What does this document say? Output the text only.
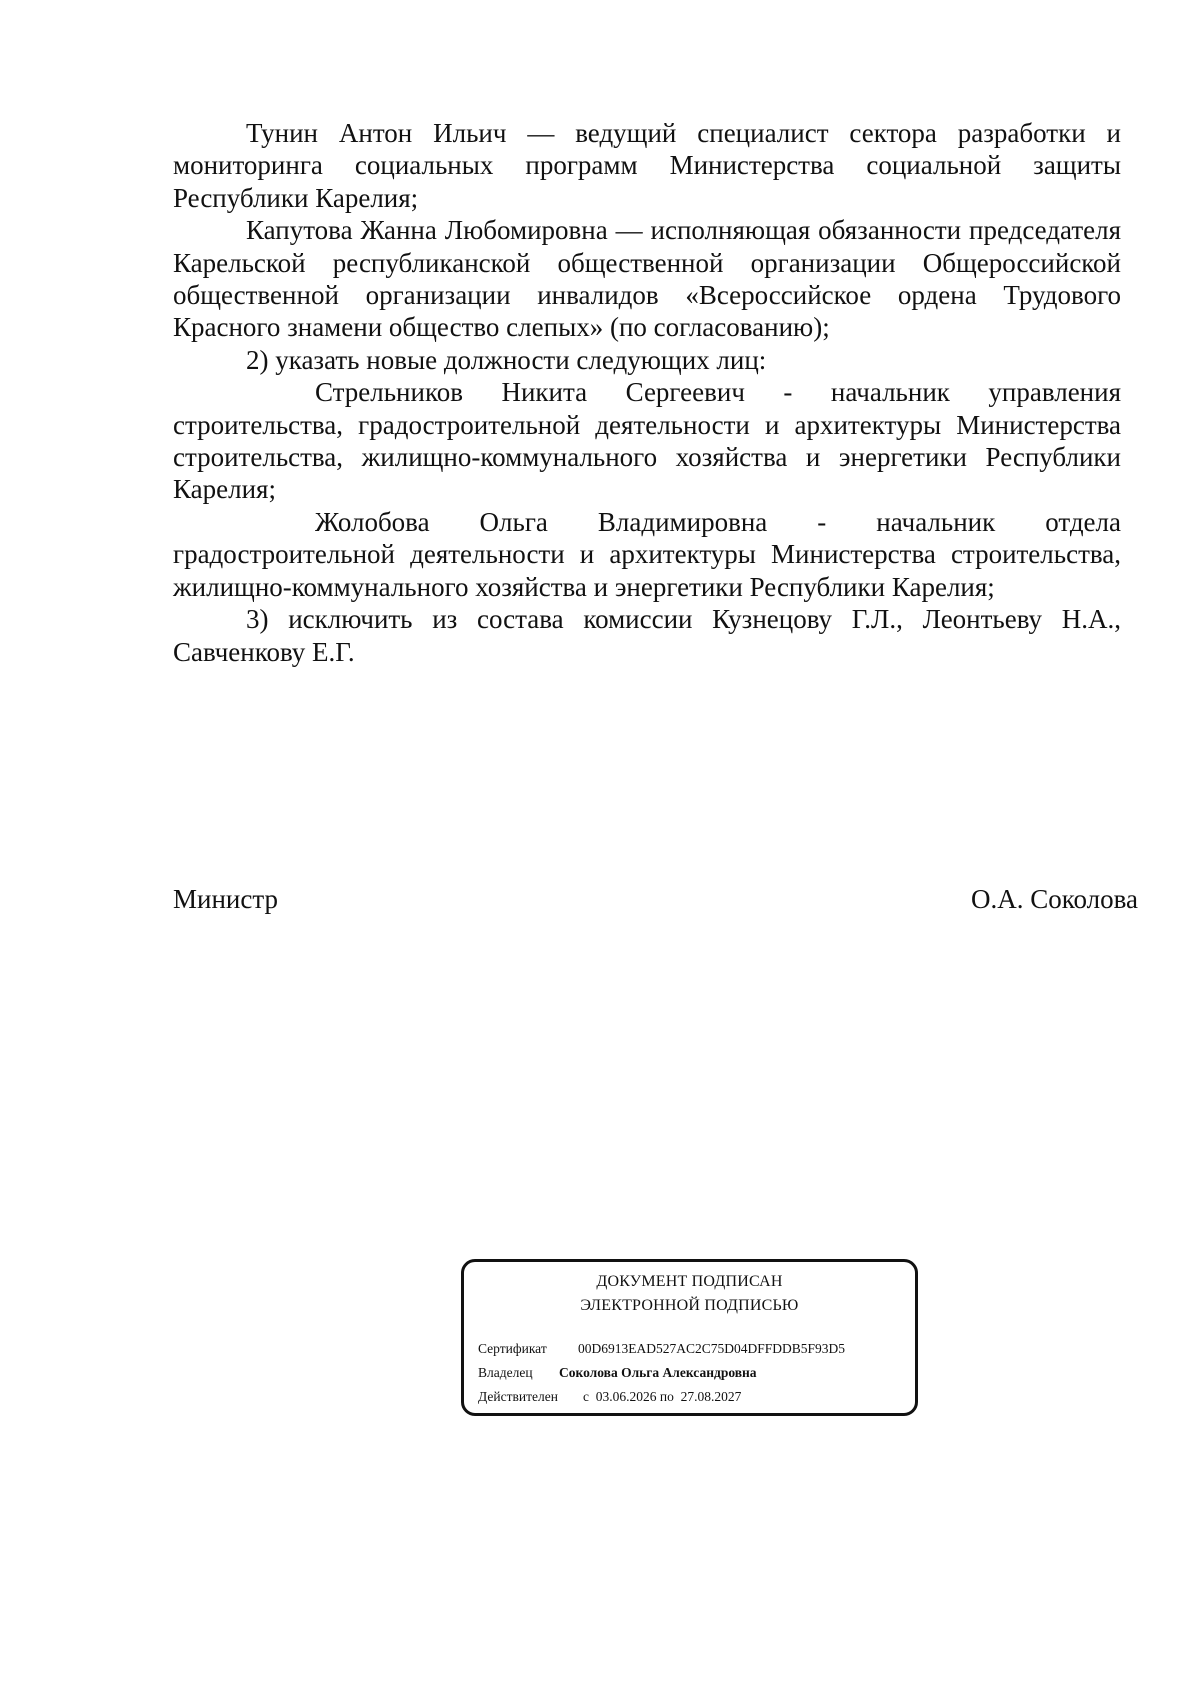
Тунин Антон Ильич — ведущий специалист сектора разработки и мониторинга социальных программ Министерства социальной защиты Республики Карелия;

Капутова Жанна Любомировна — исполняющая обязанности председателя Карельской республиканской общественной организации Общероссийской общественной организации инвалидов «Всероссийское ордена Трудового Красного знамени общество слепых» (по согласованию);

2) указать новые должности следующих лиц:

Стрельников Никита Сергеевич - начальник управления строительства, градостроительной деятельности и архитектуры Министерства строительства, жилищно-коммунального хозяйства и энергетики Республики Карелия;

Жолобова Ольга Владимировна - начальник отдела градостроительной деятельности и архитектуры Министерства строительства, жилищно-коммунального хозяйства и энергетики Республики Карелия;

3) исключить из состава комиссии Кузнецову Г.Л., Леонтьеву Н.А., Савченкову Е.Г.

Министр	О.А. Соколова
ДОКУМЕНТ ПОДПИСАН
ЭЛЕКТРОННОЙ ПОДПИСЬЮ
Сертификат 00D6913EAD527AC2C75D04DFFDDB5F93D5
Владелец Соколова Ольга Александровна
Действителен с  03.06.2026 по  27.08.2027
